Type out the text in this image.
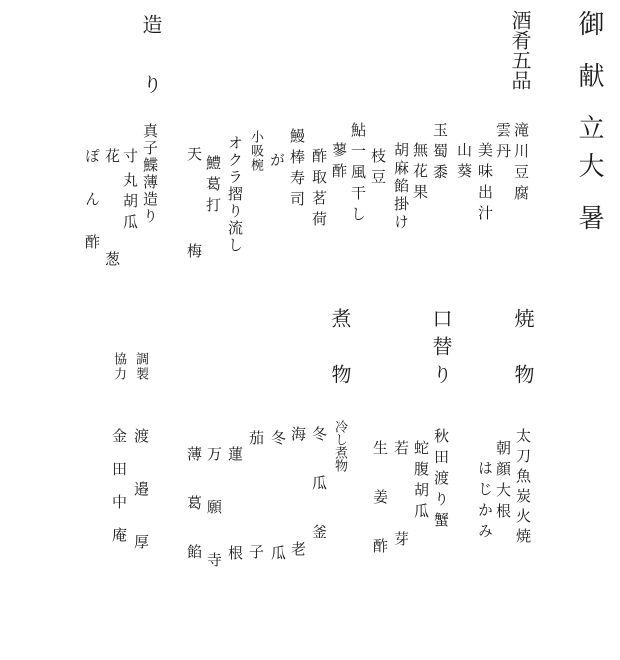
御献立
大暑
酒肴五品
滝川豆腐
雲丹
美味出汁
山葵
玉蜀黍
無花果
胡麻餡掛け
枝豆
鮎一風干し
蓼酢
酢取茗荷
鰻棒寿司
小吸椀 が
オクラ摺り流し
鱧葛打
天梅
造り
真子鰈薄造り
寸
丸胡瓜
花葱
ぽん酢
焼物
太刀魚炭火焼
朝顔大根
はじかみ
口替り
秋田渡り蟹
蛇腹胡瓜
若芽
生姜酢
煮物
冷し煮物
冬瓜釜
海老
冬瓜
子
茄
蓮根
万願寺
薄葛餡
調製
協力
渡邉厚
金田中庵
